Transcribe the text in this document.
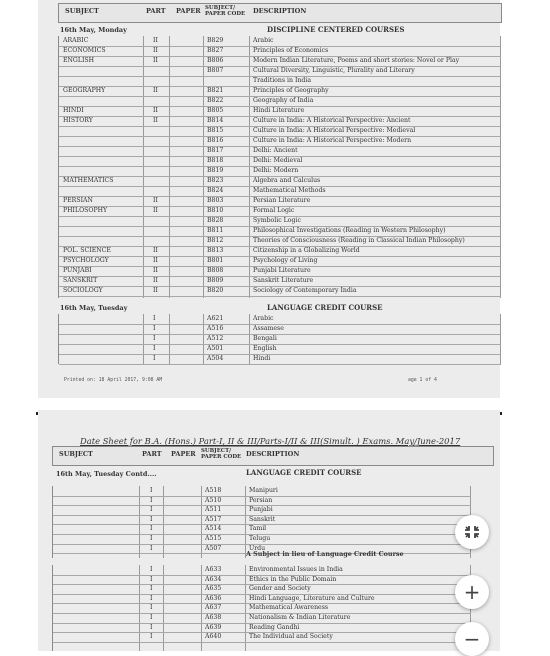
SUBJECT	PART PAPER SUBJECT/
PAPER CODE DESCRIPTION
16th May, Monday	DISCIPLINE CENTERED COURSES
ARABIC	II	B829	Arabic
ECONOMICS	II	B827	Principles of Economics
ENGLISH	II	B806	Modern Indian Literature, Poems and short stories: Novel or Play
B807	Cultural Diversity, Linguistic, Plurality and Literary
Traditions in India
GEOGRAPHY	II	B821	Principles of Geography
B822	Geography of India
HINDI	II	B805	Hindi Literature
HISTORY	II	B814	Culture in India: A Historical Perspective: Ancient
B815	Culture in India: A Historical Perspective: Medieval
B816	Culture in India: A Historical Perspective: Modern
B817	Delhi: Ancient
B818	Delhi: Medieval
B819	Delhi: Modern
MATHEMATICS	B823	Algebra and Calculus
B824	Mathematical Methods
PERSIAN	II	B803	Persian Literature
PHILOSOPHY	II	B810	Formal Logic
B828	Symbolic Logic
B811	Philosophical Investigations (Reading in Western Philosophy)
B812	Theories of Consciousness (Reading in Classical Indian Philosophy)
POL. SCIENCE	II	B813	Citizenship in a Globalizing World
PSYCHOLOGY	II	B801	Psychology of Living
PUNJABI	II	B808	Punjabi Literature
SANSKRIT	II	B809	Sanskrit Literature
SOCIOLOGY	II	B820	Sociology of Contemporary India
16th May, Tuesday	LANGUAGE CREDIT COURSE
I	A621	Arabic
I	A516	Assamese
I	A512	Bengali
I	A501	English
I	A504	Hindi
Printed on: 18 April 2017, 9:08 AM	age 1 of 4
Date Sheet for B.A. (Hons.) Part-I, II & III/Parts-I/II & III(Simult. ) Exams. May/June-2017
SUBJECT	PART PAPER SUBJECT/
PAPER CODE DESCRIPTION
16th May, Tuesday Contd....	LANGUAGE CREDIT COURSE
I	A518	Manipuri
I	A510	Persian
I	A511	Punjabi
I	A517	Sanskrit
I	A514	Tamil
I	A515	Telugu
I	A507	Urdu
A Subject in lieu of Language Credit Course
I	A633	Environmental Issues in India
I	A634	Ethics in the Public Domain
I	A635	Gender and Society
I	A636	Hindi Language, Literature and Culture
I	A637	Mathematical Awareness
I	A638	Nationalism & Indian Literature
I	A639	Reading Gandhi
I	A640	The Individual and Society
+
−
